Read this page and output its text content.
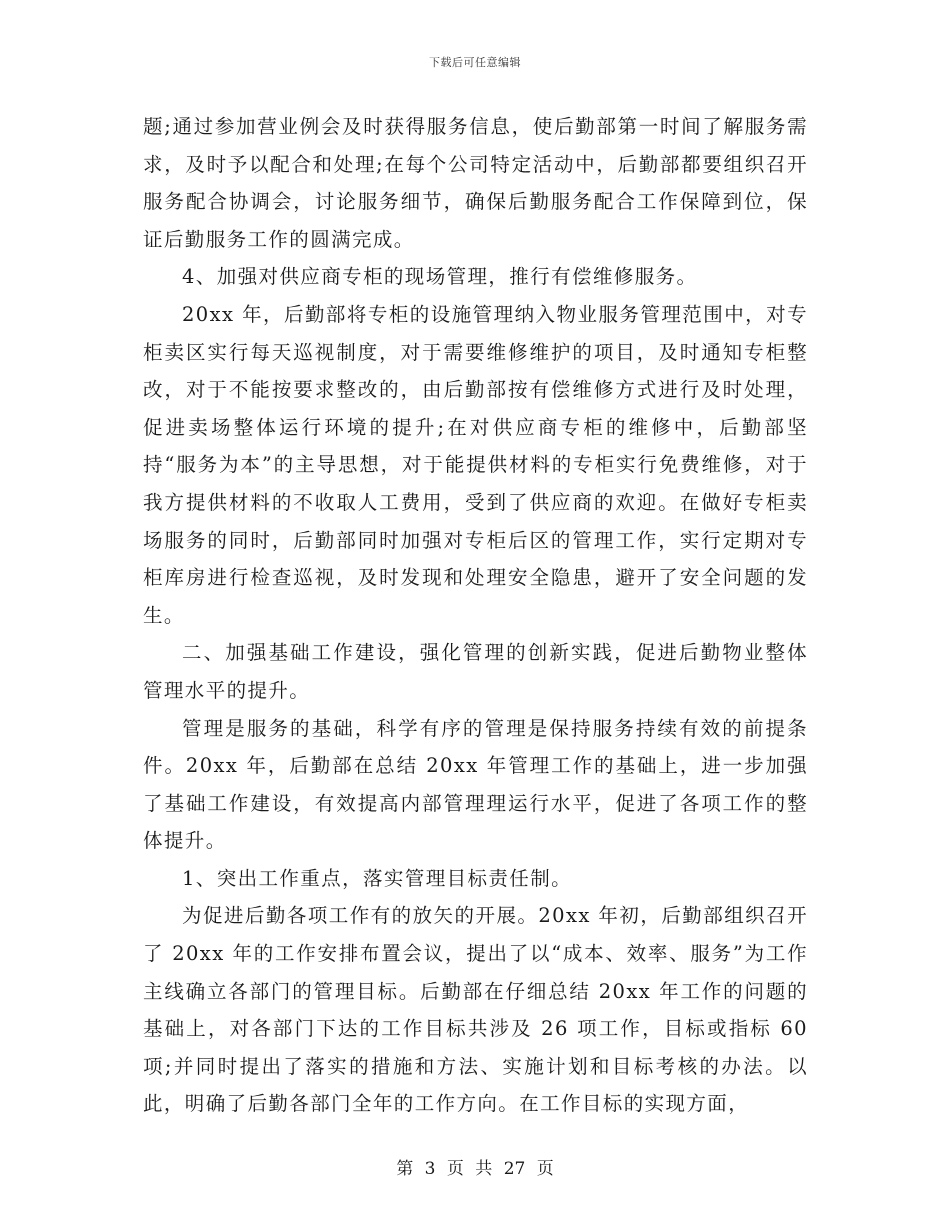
下载后可任意编辑

题;通过参加营业例会及时获得服务信息，使后勤部第一时间了解服务需求，及时予以配合和处理;在每个公司特定活动中，后勤部都要组织召开服务配合协调会，讨论服务细节，确保后勤服务配合工作保障到位，保证后勤服务工作的圆满完成。

4、加强对供应商专柜的现场管理，推行有偿维修服务。

20xx 年，后勤部将专柜的设施管理纳入物业服务管理范围中，对专柜卖区实行每天巡视制度，对于需要维修维护的项目，及时通知专柜整改，对于不能按要求整改的，由后勤部按有偿维修方式进行及时处理，促进卖场整体运行环境的提升;在对供应商专柜的维修中，后勤部坚持“服务为本”的主导思想，对于能提供材料的专柜实行免费维修，对于我方提供材料的不收取人工费用，受到了供应商的欢迎。在做好专柜卖场服务的同时，后勤部同时加强对专柜后区的管理工作，实行定期对专柜库房进行检查巡视，及时发现和处理安全隐患，避开了安全问题的发生。

二、加强基础工作建设，强化管理的创新实践，促进后勤物业整体管理水平的提升。

管理是服务的基础，科学有序的管理是保持服务持续有效的前提条件。20xx 年，后勤部在总结 20xx 年管理工作的基础上，进一步加强了基础工作建设，有效提高内部管理理运行水平，促进了各项工作的整体提升。

1、突出工作重点，落实管理目标责任制。

为促进后勤各项工作有的放矢的开展。20xx 年初，后勤部组织召开了 20xx 年的工作安排布置会议，提出了以“成本、效率、服务”为工作主线确立各部门的管理目标。后勤部在仔细总结 20xx 年工作的问题的基础上，对各部门下达的工作目标共涉及 26 项工作，目标或指标 60 项;并同时提出了落实的措施和方法、实施计划和目标考核的办法。以此，明确了后勤各部门全年的工作方向。在工作目标的实现方面，

第 3 页 共 27 页
